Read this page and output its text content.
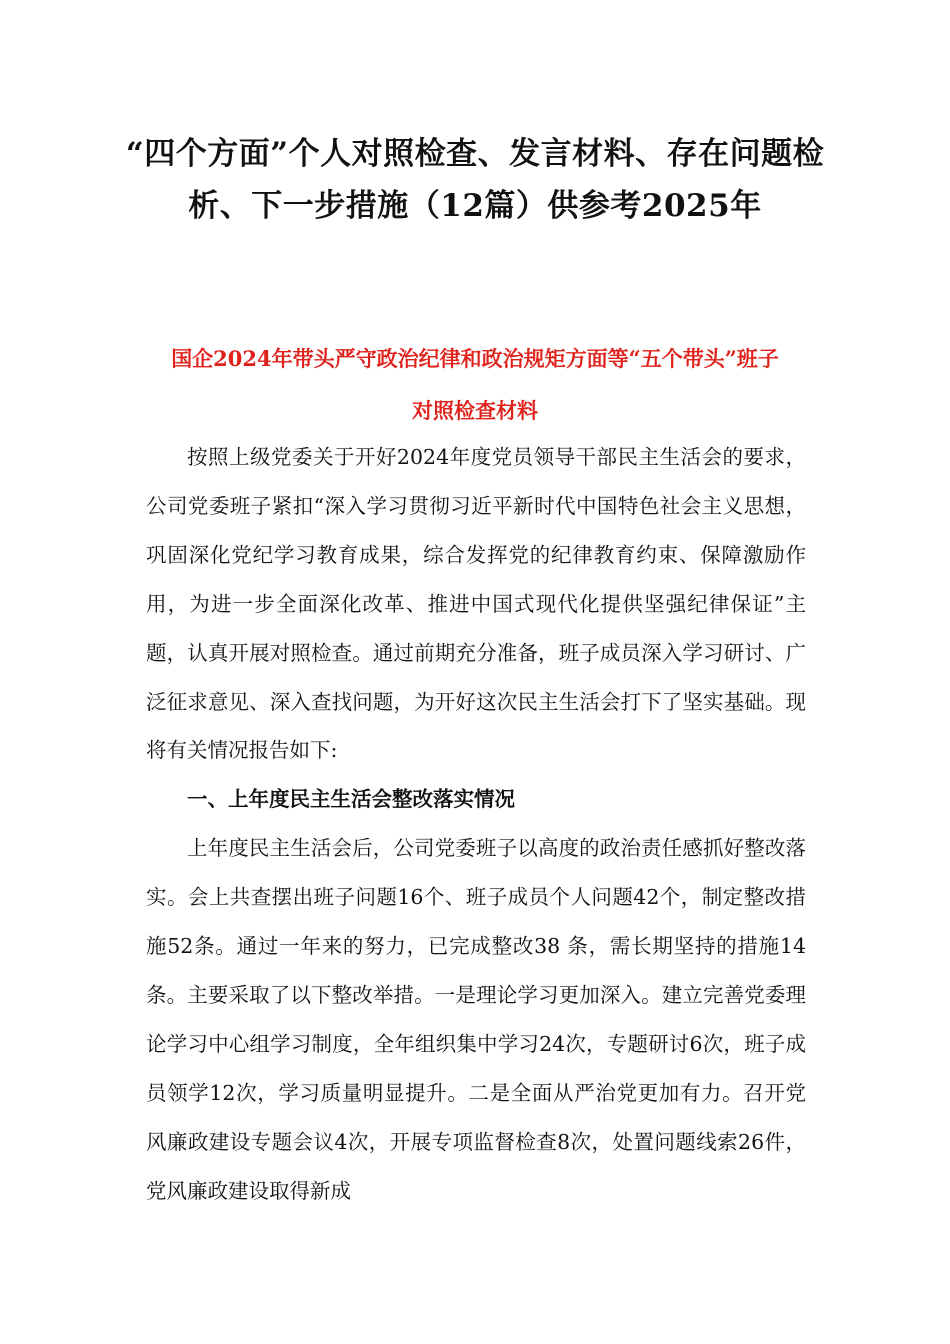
“四个方面”个人对照检查、发言材料、存在问题检
析、下一步措施（12篇）供参考2025年
国企2024年带头严守政治纪律和政治规矩方面等“五个带头”班子
对照检查材料

按照上级党委关于开好2024年度党员领导干部民主生活会的要求，公司党委班子紧扣“深入学习贯彻习近平新时代中国特色社会主义思想，巩固深化党纪学习教育成果，综合发挥党的纪律教育约束、保障激励作用，为进一步全面深化改革、推进中国式现代化提供坚强纪律保证”主题，认真开展对照检查。通过前期充分准备，班子成员深入学习研讨、广泛征求意见、深入查找问题，为开好这次民主生活会打下了坚实基础。现将有关情况报告如下:

一、上年度民主生活会整改落实情况

上年度民主生活会后，公司党委班子以高度的政治责任感抓好整改落实。会上共查摆出班子问题16个、班子成员个人问题42个，制定整改措施52条。通过一年来的努力，已完成整改38 条，需长期坚持的措施14条。主要采取了以下整改举措。一是理论学习更加深入。建立完善党委理论学习中心组学习制度，全年组织集中学习24次，专题研讨6次，班子成员领学12次，学习质量明显提升。二是全面从严治党更加有力。召开党风廉政建设专题会议4次，开展专项监督检查8次，处置问题线索26件， 党风廉政建设取得新成
